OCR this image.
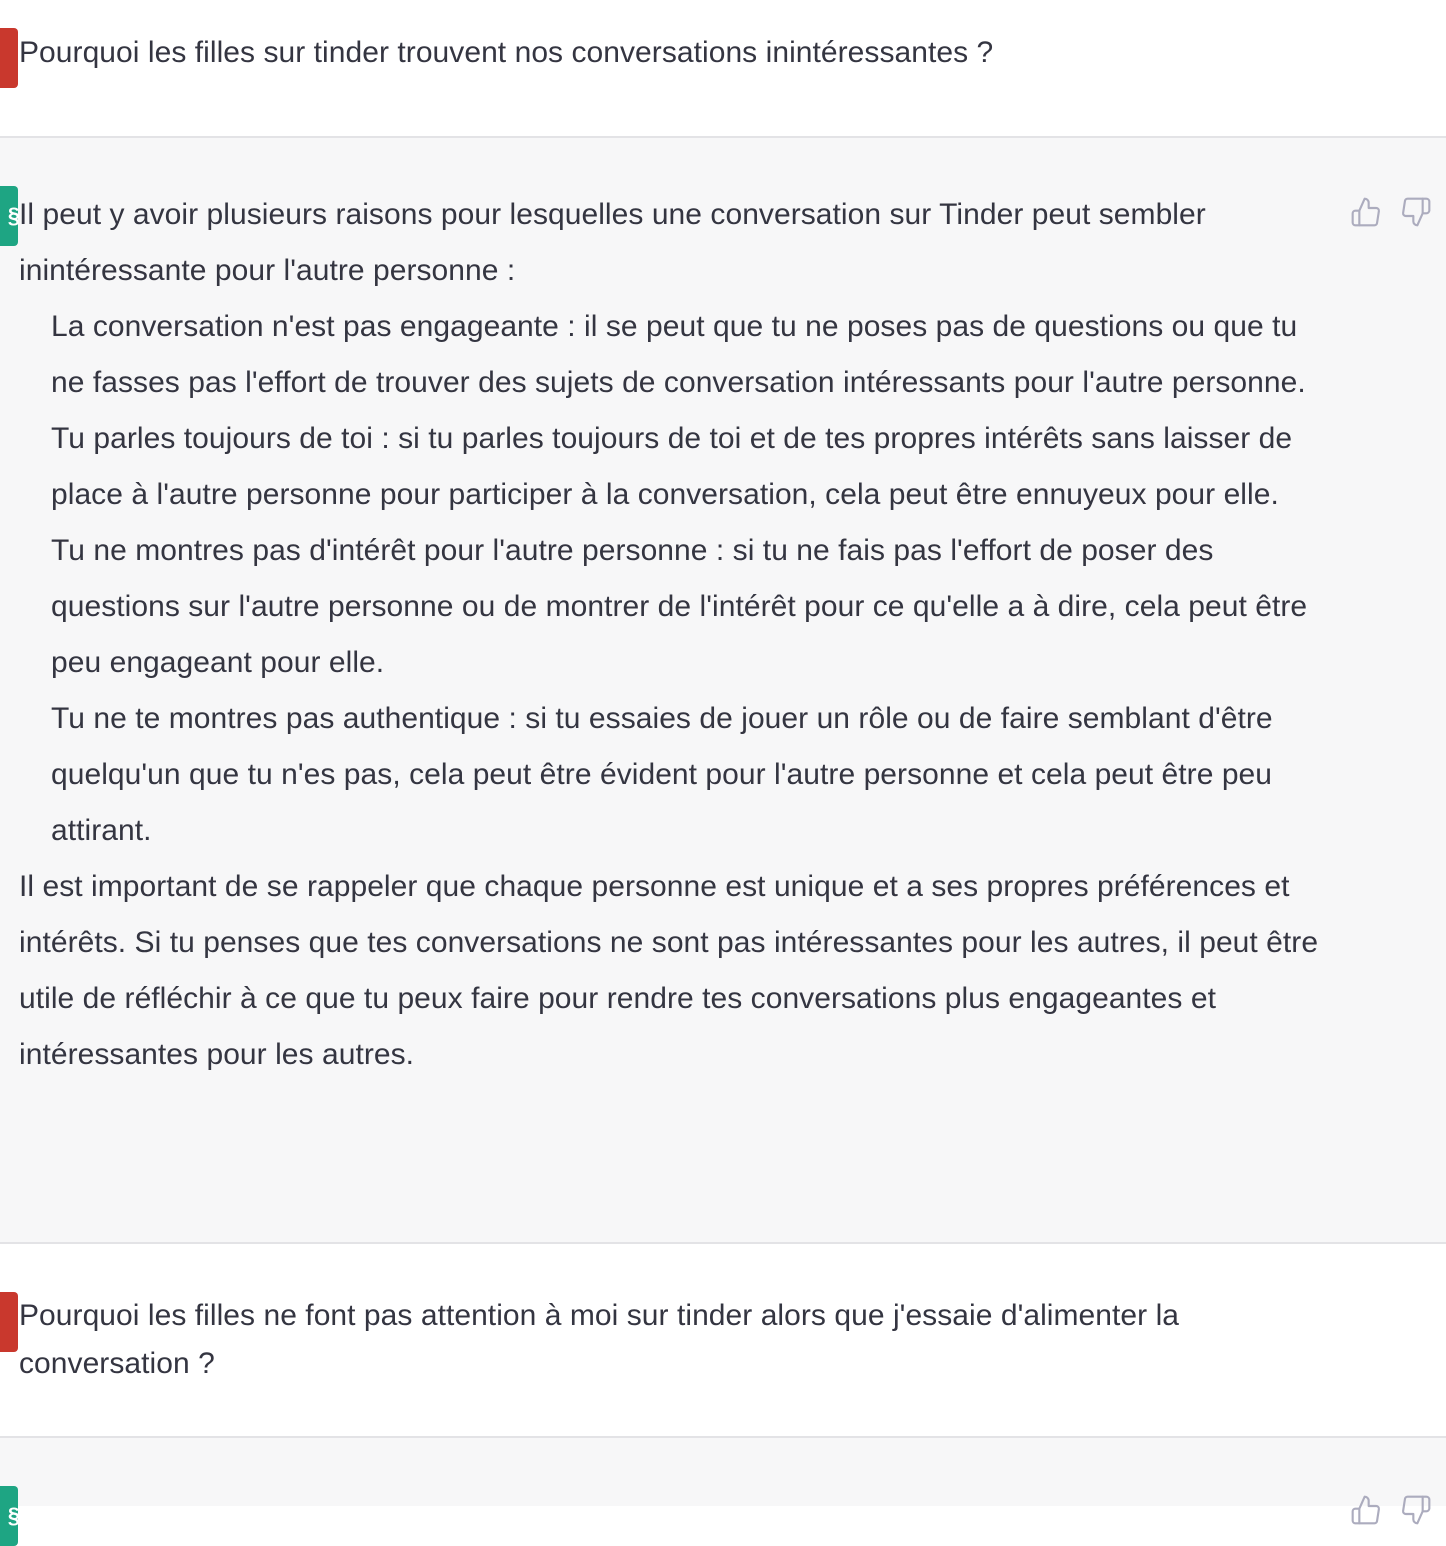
Pourquoi les filles sur tinder trouvent nos conversations inintéressantes ?
§ Il peut y avoir plusieurs raisons pour lesquelles une conversation sur Tinder peut sembler inintéressante pour l'autre personne :

La conversation n'est pas engageante : il se peut que tu ne poses pas de questions ou que tu ne fasses pas l'effort de trouver des sujets de conversation intéressants pour l'autre personne.

Tu parles toujours de toi : si tu parles toujours de toi et de tes propres intérêts sans laisser de place à l'autre personne pour participer à la conversation, cela peut être ennuyeux pour elle.

Tu ne montres pas d'intérêt pour l'autre personne : si tu ne fais pas l'effort de poser des questions sur l'autre personne ou de montrer de l'intérêt pour ce qu'elle a à dire, cela peut être peu engageant pour elle.

Tu ne te montres pas authentique : si tu essaies de jouer un rôle ou de faire semblant d'être quelqu'un que tu n'es pas, cela peut être évident pour l'autre personne et cela peut être peu attirant.

Il est important de se rappeler que chaque personne est unique et a ses propres préférences et intérêts. Si tu penses que tes conversations ne sont pas intéressantes pour les autres, il peut être utile de réfléchir à ce que tu peux faire pour rendre tes conversations plus engageantes et intéressantes pour les autres.

Pourquoi les filles ne font pas attention à moi sur tinder alors que j'essaie d'alimenter la conversation ?
§
